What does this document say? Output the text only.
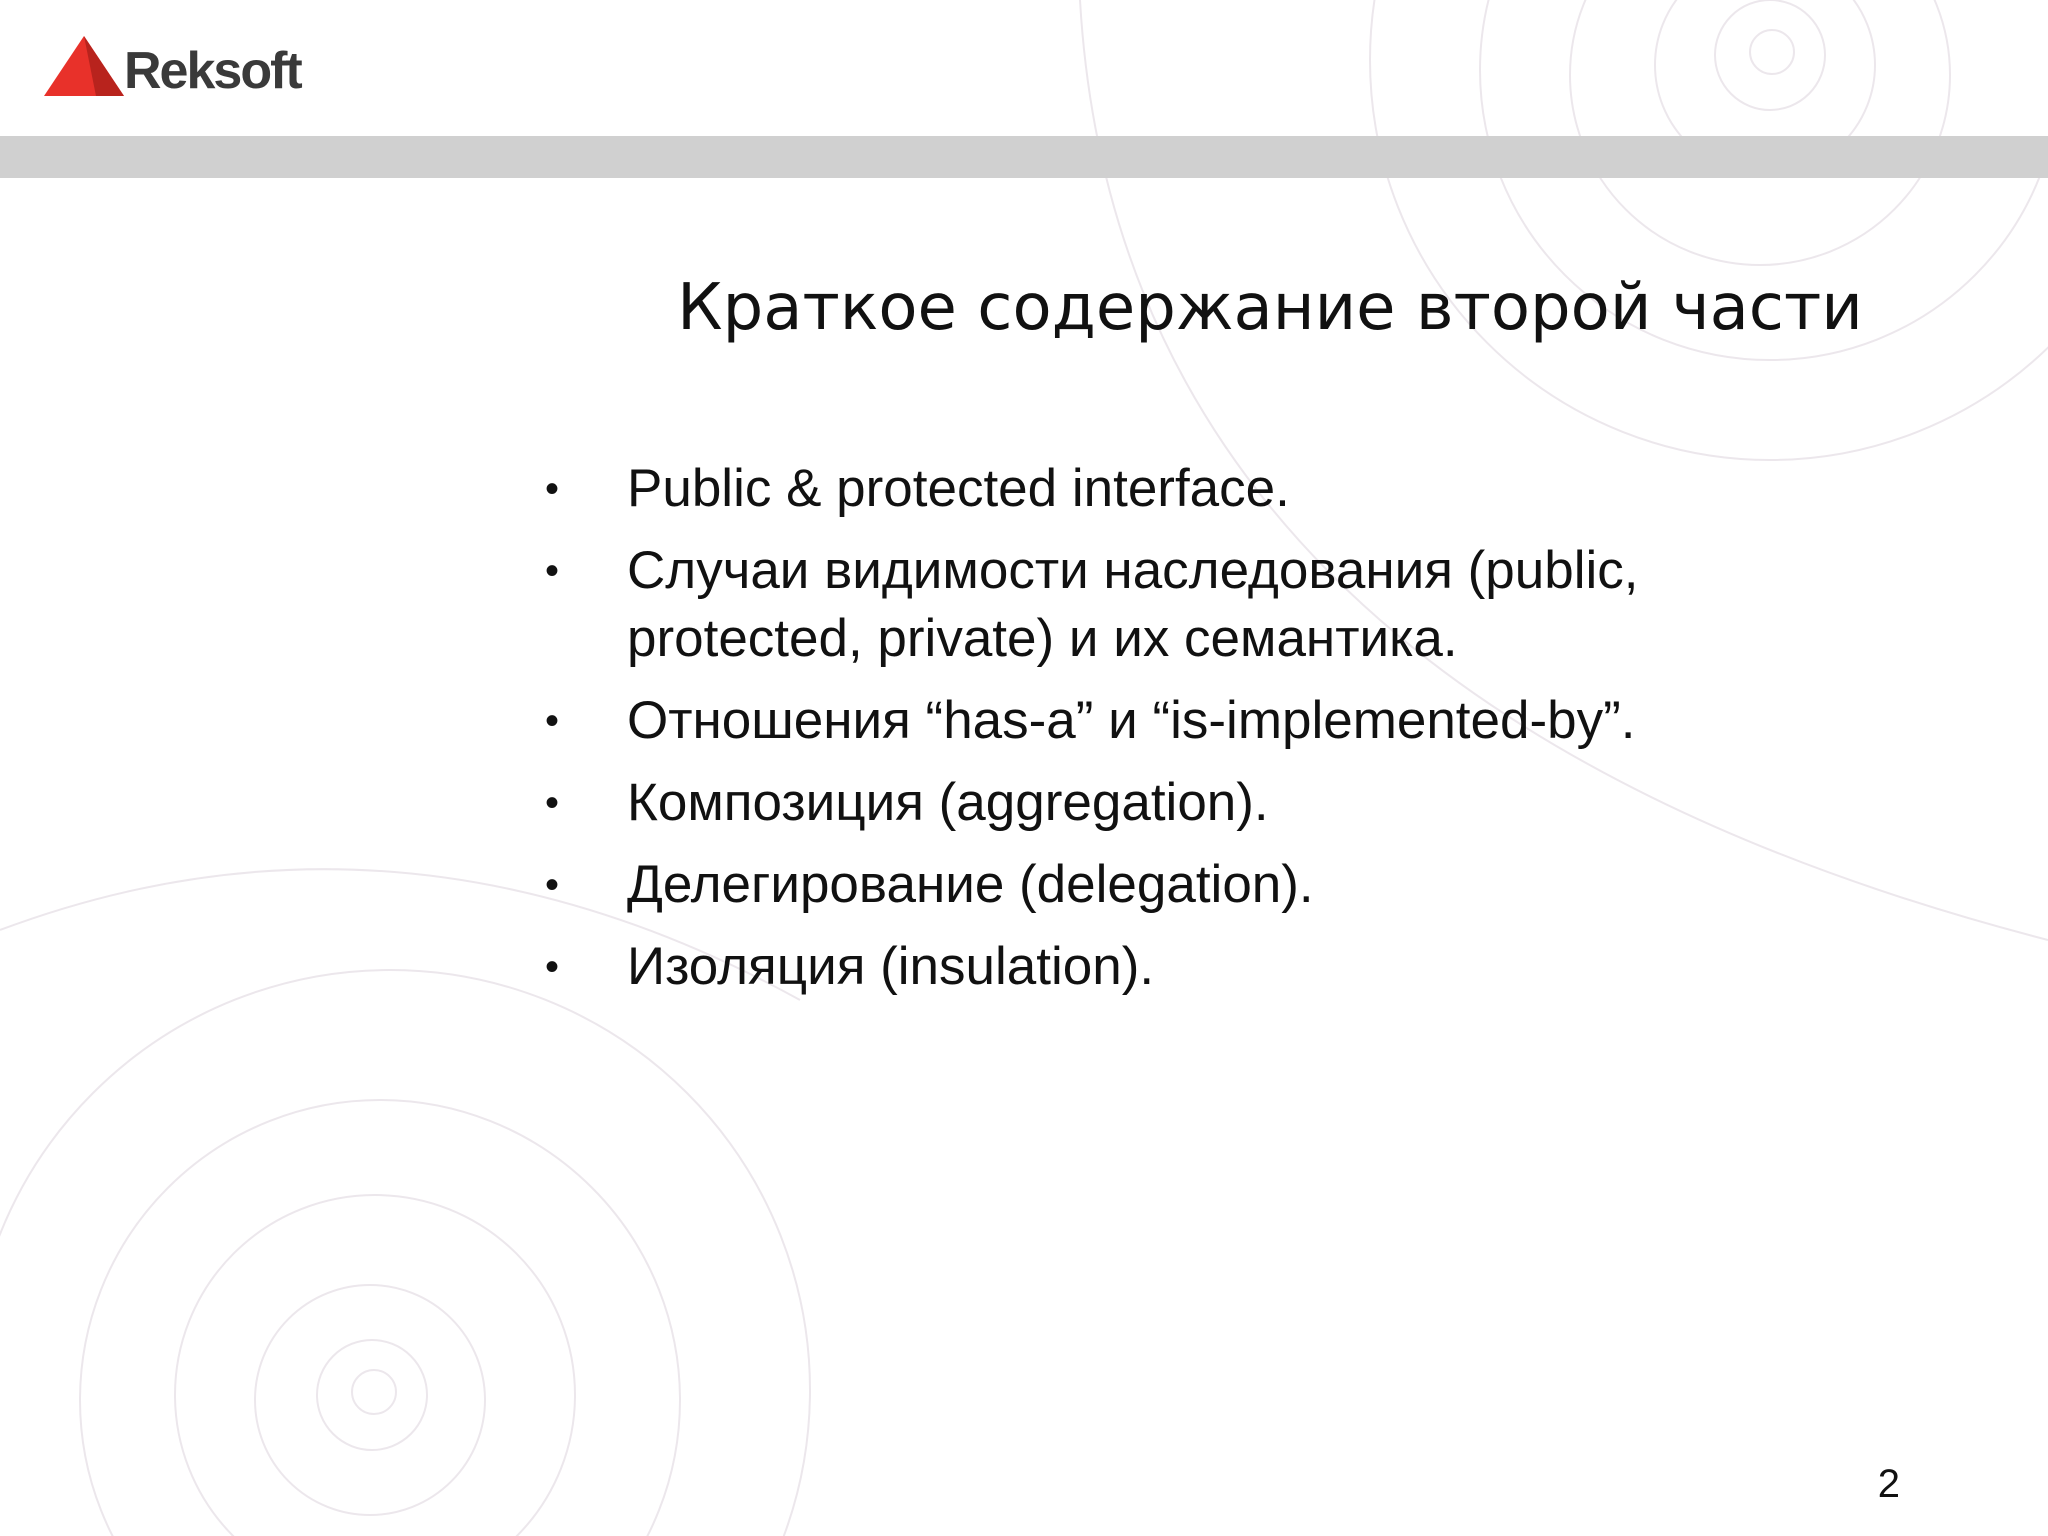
Reksoft
Краткое содержание второй части
• Public & protected interface.
• Случаи видимости наследования (public, protected, private) и их семантика.
• Отношения “has-a” и “is-implemented-by”.
• Композиция (aggregation).
• Делегирование (delegation).
• Изоляция (insulation).
2
